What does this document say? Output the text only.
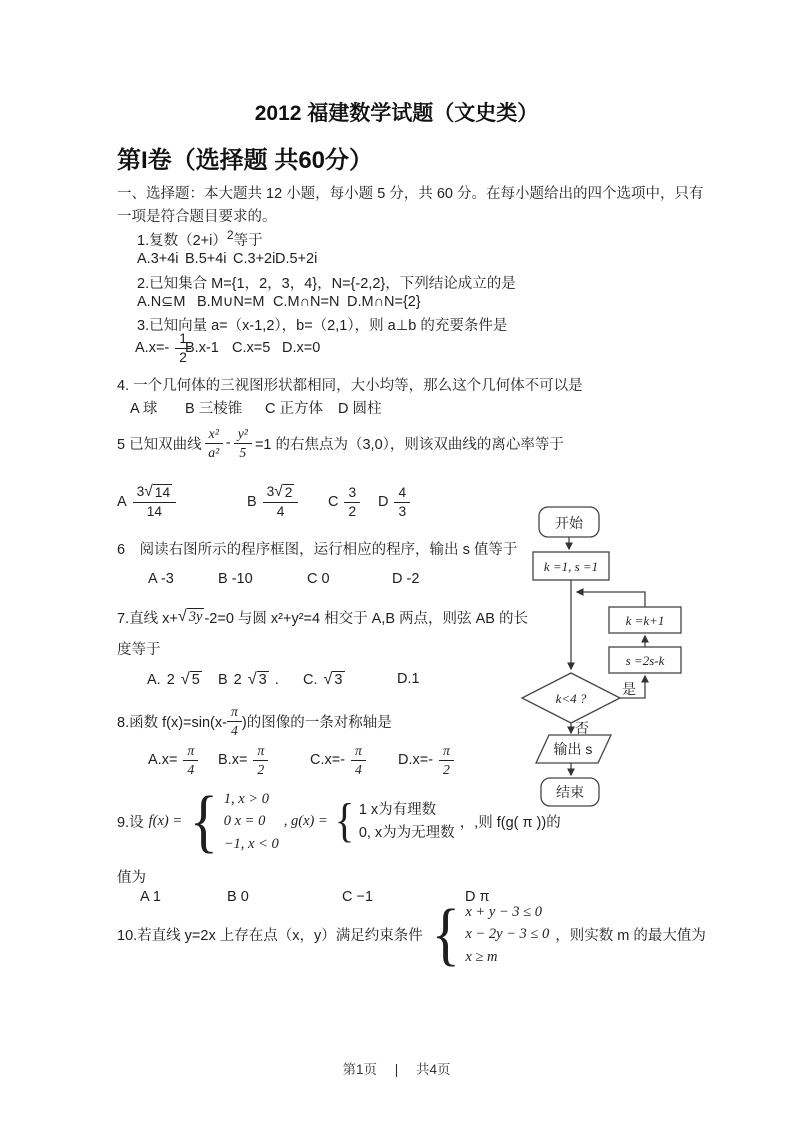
2012 福建数学试题（文史类）
第I卷（选择题 共60分）
一、选择题：本大题共 12 小题，每小题 5 分，共 60 分。在每小题给出的四个选项中，只有
一项是符合题目要求的。
1.复数$(2+i)^2$等于
A.3+4i B.5+4i C.3+2i D.5+2i
2.已知集合 M={1，2，3，4}，N={-2,2}，下列结论成立的是
A.N⊆M B.M∪N=M C.M∩N=N D.M∩N={2}
3.已知向量 a=（x-1,2），b=（2,1），则 a⊥b 的充要条件是
$A.x=- \frac{1}{2}$
B.x-1 C.x=5 D.x=0
4. 一个几何体的三视图形状都相同，大小均等，那么这个几何体不可以是
A 球 B 三棱锥 C 正方体 D 圆柱
5 已知双曲线 $\frac{\text{x²}}{\text{a²}} - \frac{\text{y²}}{5} =1$ 的右焦点为（3,0），则该双曲线的离心率等于
A $\frac{3 √ 14}{14}$	B $\frac{3 √ 2}{4}$ C $\frac{3}{2}$ D $\frac{4}{3}$
6　阅读右图所示的程序框图，运行相应的程序，输出 s 值等于
A -3	B -10	C 0	D -2
7.直线 x+ √ 3y -2=0 与圆 x²+y²=4 相交于 A,B 两点，则弦 AB 的长
度等于
A. 2 √ 5 B 2 √ 3 . C. √ 3	D.1
8.函数 $f(x)=\sin(x- \frac{\pi}{4}$ )的图像的一条对称轴是
$A.x= \frac{\pi}{4} B.x= \frac{\pi}{2}$	$C.x=- \frac{\pi}{4} D.x=- \frac{\pi}{2}$
9.设 f(x) = { 1, x > 0
0 x = 0
−1, x < 0
, g(x) = { 1 x为有理数
0, x为为无理数
，,则 f(g( π ))的
值为
A 1	B 0	C −1	D π
10.若直线 y=2x 上存在点（x，y）满足约束条件 { x + y − 3 ≤ 0
x − 2y − 3 ≤ 0
x ≥ m
，则实数 m 的最大值为
开始
k =1, s =1
k =k+1
s =2s-k
k<4 ?
是
否
输出 s
结束
第1页 | 共4页
